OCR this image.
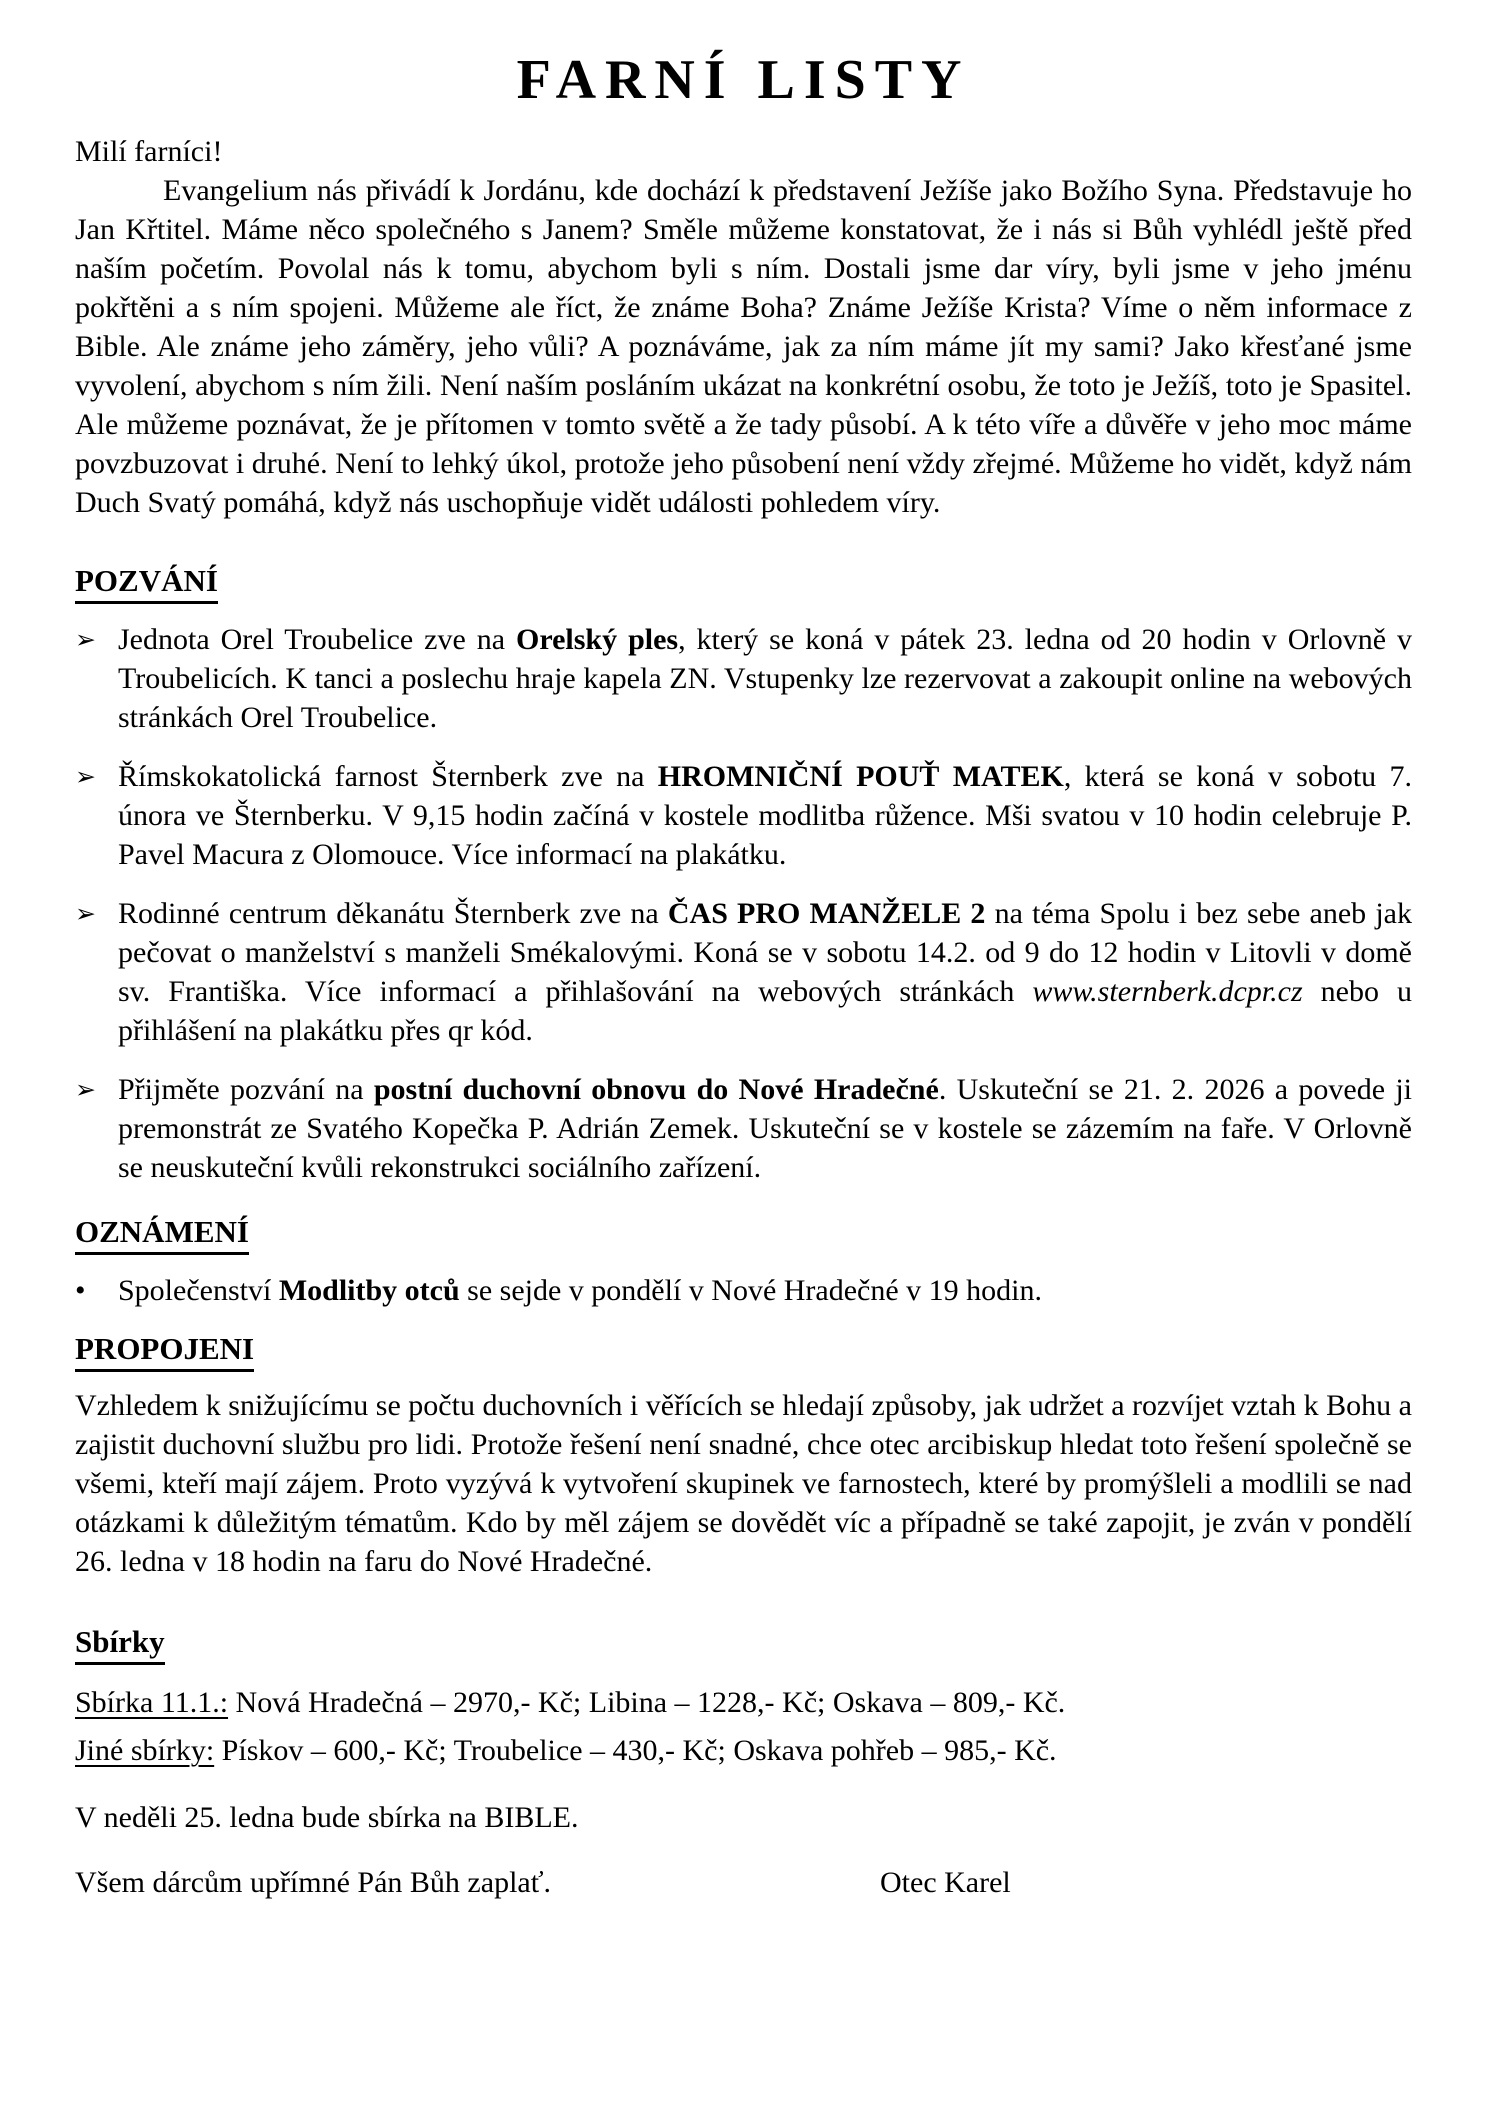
FARNÍ LISTY

Milí farníci!

Evangelium nás přivádí k Jordánu, kde dochází k představení Ježíše jako Božího Syna. Představuje ho Jan Křtitel. Máme něco společného s Janem? Směle můžeme konstatovat, že i nás si Bůh vyhlédl ještě před naším početím. Povolal nás k tomu, abychom byli s ním. Dostali jsme dar víry, byli jsme v jeho jménu pokřtěni a s ním spojeni. Můžeme ale říct, že známe Boha? Známe Ježíše Krista? Víme o něm informace z Bible. Ale známe jeho záměry, jeho vůli? A poznáváme, jak za ním máme jít my sami? Jako křesťané jsme vyvolení, abychom s ním žili. Není naším posláním ukázat na konkrétní osobu, že toto je Ježíš, toto je Spasitel. Ale můžeme poznávat, že je přítomen v tomto světě a že tady působí. A k této víře a důvěře v jeho moc máme povzbuzovat i druhé. Není to lehký úkol, protože jeho působení není vždy zřejmé. Můžeme ho vidět, když nám Duch Svatý pomáhá, když nás uschopňuje vidět události pohledem víry.

POZVÁNÍ
➢ Jednota Orel Troubelice zve na Orelský ples, který se koná v pátek 23. ledna od 20 hodin v Orlovně v Troubelicích. K tanci a poslechu hraje kapela ZN. Vstupenky lze rezervovat a zakoupit online na webových stránkách Orel Troubelice.
➢ Římskokatolická farnost Šternberk zve na HROMNIČNÍ POUŤ MATEK, která se koná v sobotu 7. února ve Šternberku. V 9,15 hodin začíná v kostele modlitba růžence. Mši svatou v 10 hodin celebruje P. Pavel Macura z Olomouce. Více informací na plakátku.
➢ Rodinné centrum děkanátu Šternberk zve na ČAS PRO MANŽELE 2 na téma Spolu i bez sebe aneb jak pečovat o manželství s manželi Smékalovými. Koná se v sobotu 14.2. od 9 do 12 hodin v Litovli v domě sv. Františka. Více informací a přihlašování na webových stránkách www.sternberk.dcpr.cz nebo u přihlášení na plakátku přes qr kód.
➢ Přijměte pozvání na postní duchovní obnovu do Nové Hradečné. Uskuteční se 21. 2. 2026 a povede ji premonstrát ze Svatého Kopečka P. Adrián Zemek. Uskuteční se v kostele se zázemím na faře. V Orlovně se neuskuteční kvůli rekonstrukci sociálního zařízení.
OZNÁMENÍ
•	Společenství Modlitby otců se sejde v pondělí v Nové Hradečné v 19 hodin.
PROPOJENI

Vzhledem k snižujícímu se počtu duchovních i věřících se hledají způsoby, jak udržet a rozvíjet vztah k Bohu a zajistit duchovní službu pro lidi. Protože řešení není snadné, chce otec arcibiskup hledat toto řešení společně se všemi, kteří mají zájem. Proto vyzývá k vytvoření skupinek ve farnostech, které by promýšleli a modlili se nad otázkami k důležitým tématům. Kdo by měl zájem se dovědět víc a případně se také zapojit, je zván v pondělí 26. ledna v 18 hodin na faru do Nové Hradečné.

Sbírky

Sbírka 11.1.: Nová Hradečná – 2970,- Kč; Libina – 1228,- Kč; Oskava – 809,- Kč.

Jiné sbírky: Pískov – 600,- Kč; Troubelice – 430,- Kč; Oskava pohřeb – 985,- Kč.

V neděli 25. ledna bude sbírka na BIBLE.

Všem dárcům upřímné Pán Bůh zaplať.	Otec Karel
